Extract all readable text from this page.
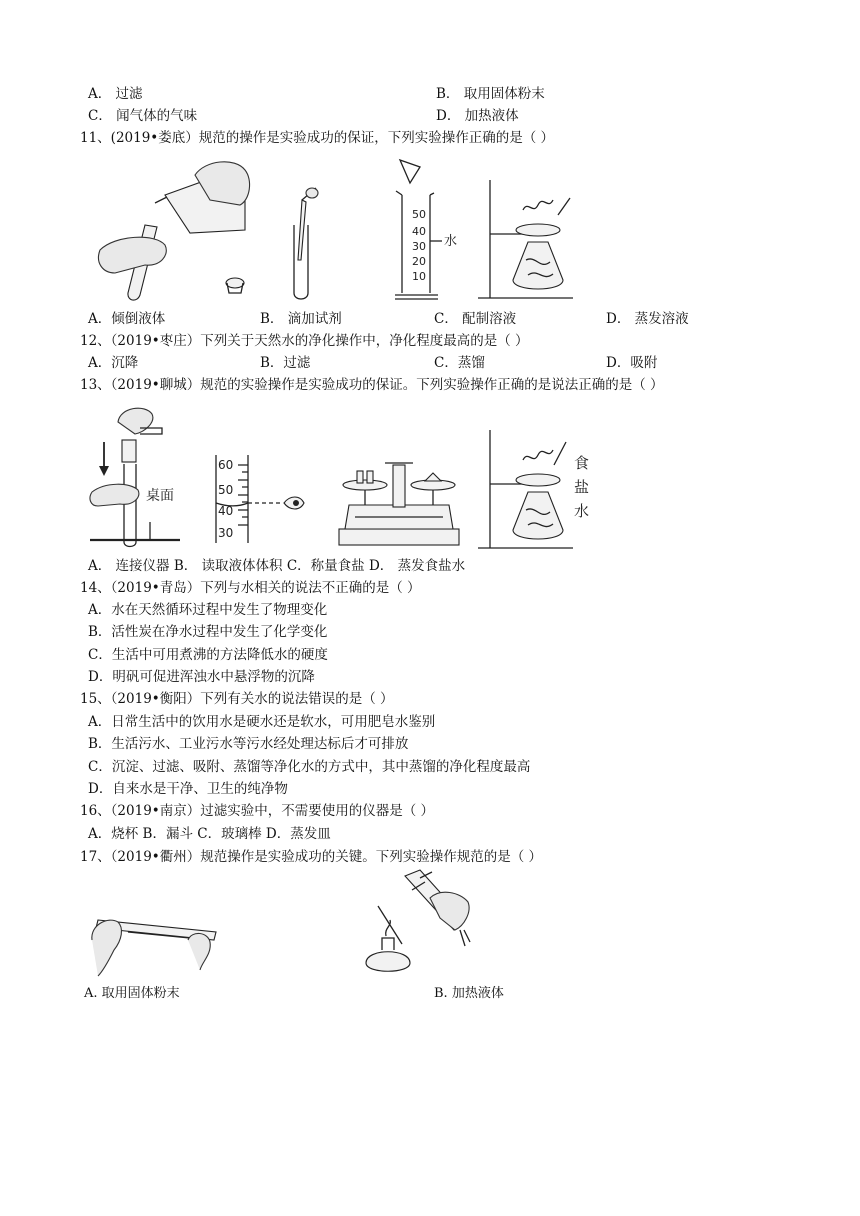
A． 过滤	B． 取用固体粉末
C． 闻气体的气味	D． 加热液体
11、(2019•娄底）规范的操作是实验成功的保证，下列实验操作正确的是（ ）
50
40
30
20
10
水
A．倾倒液体	B． 滴加试剂	C． 配制溶液	D． 蒸发溶液
12、（2019•枣庄）下列关于天然水的净化操作中，净化程度最高的是（ ）
A．沉降	B．过滤	C．蒸馏	D．吸附
13、（2019•聊城）规范的实验操作是实验成功的保证。下列实验操作正确的是说法正确的是（ ）
桌面
60
50
40
30
食
盐
水
A． 连接仪器 B． 读取液体体积 C．称量食盐 D． 蒸发食盐水
14、（2019•青岛）下列与水相关的说法不正确的是（ ）
A．水在天然循环过程中发生了物理变化
B．活性炭在净水过程中发生了化学变化
C．生活中可用煮沸的方法降低水的硬度
D．明矾可促进浑浊水中悬浮物的沉降
15、（2019•衡阳）下列有关水的说法错误的是（ ）
A．日常生活中的饮用水是硬水还是软水，可用肥皂水鉴别
B．生活污水、工业污水等污水经处理达标后才可排放
C．沉淀、过滤、吸附、蒸馏等净化水的方式中，其中蒸馏的净化程度最高
D．自来水是干净、卫生的纯净物
16、（2019•南京）过滤实验中，不需要使用的仪器是（ ）
A．烧杯 B．漏斗 C．玻璃棒 D．蒸发皿
17、（2019•衢州）规范操作是实验成功的关键。下列实验操作规范的是（ ）
A. 取用固体粉末	B. 加热液体
